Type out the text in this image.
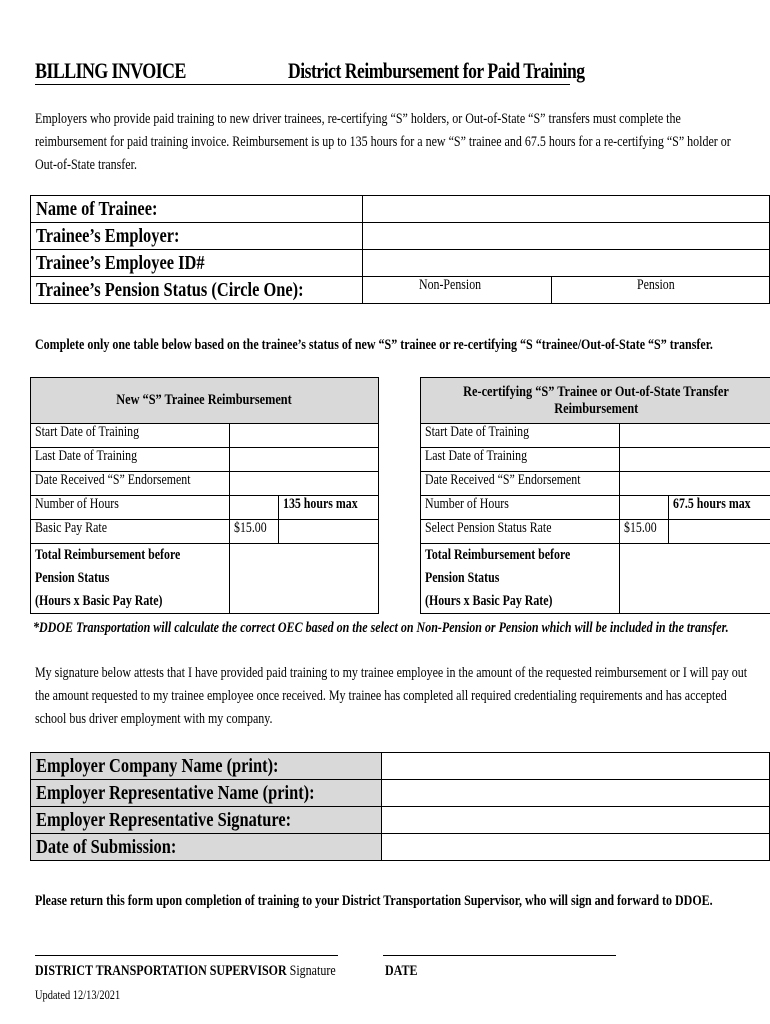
BILLING INVOICE	District Reimbursement for Paid Training
Employers who provide paid training to new driver trainees, re-certifying “S” holders, or Out-of-State “S” transfers must complete the
reimbursement for paid training invoice. Reimbursement is up to 135 hours for a new “S” trainee and 67.5 hours for a re-certifying “S” holder or
Out-of-State transfer.
Name of Trainee:		
Trainee’s Employer:		
Trainee’s Employee ID#		
Trainee’s Pension Status (Circle One):	Non-Pension	Pension
Complete only one table below based on the trainee’s status of new “S” trainee or re-certifying “S “trainee/Out-of-State “S” transfer.
New “S” Trainee Reimbursement		
Start Date of Training		
Last Date of Training		
Date Received “S” Endorsement		
Number of Hours		135 hours max
Basic Pay Rate	$15.00	
Total Reimbursement before
Pension Status
(Hours x Basic Pay Rate)		
Re-certifying “S” Trainee or Out-of-State Transfer
Reimbursement		
Start Date of Training		
Last Date of Training		
Date Received “S” Endorsement		
Number of Hours		67.5 hours max
Select Pension Status Rate	$15.00	
Total Reimbursement before
Pension Status
(Hours x Basic Pay Rate)		
*DDOE Transportation will calculate the correct OEC based on the select on Non-Pension or Pension which will be included in the transfer.
My signature below attests that I have provided paid training to my trainee employee in the amount of the requested reimbursement or I will pay out
the amount requested to my trainee employee once received. My trainee has completed all required credentialing requirements and has accepted
school bus driver employment with my company.
Employer Company Name (print):	
Employer Representative Name (print):	
Employer Representative Signature:	
Date of Submission:	
Please return this form upon completion of training to your District Transportation Supervisor, who will sign and forward to DDOE.
DISTRICT TRANSPORTATION SUPERVISOR Signature	DATE
Updated 12/13/2021
